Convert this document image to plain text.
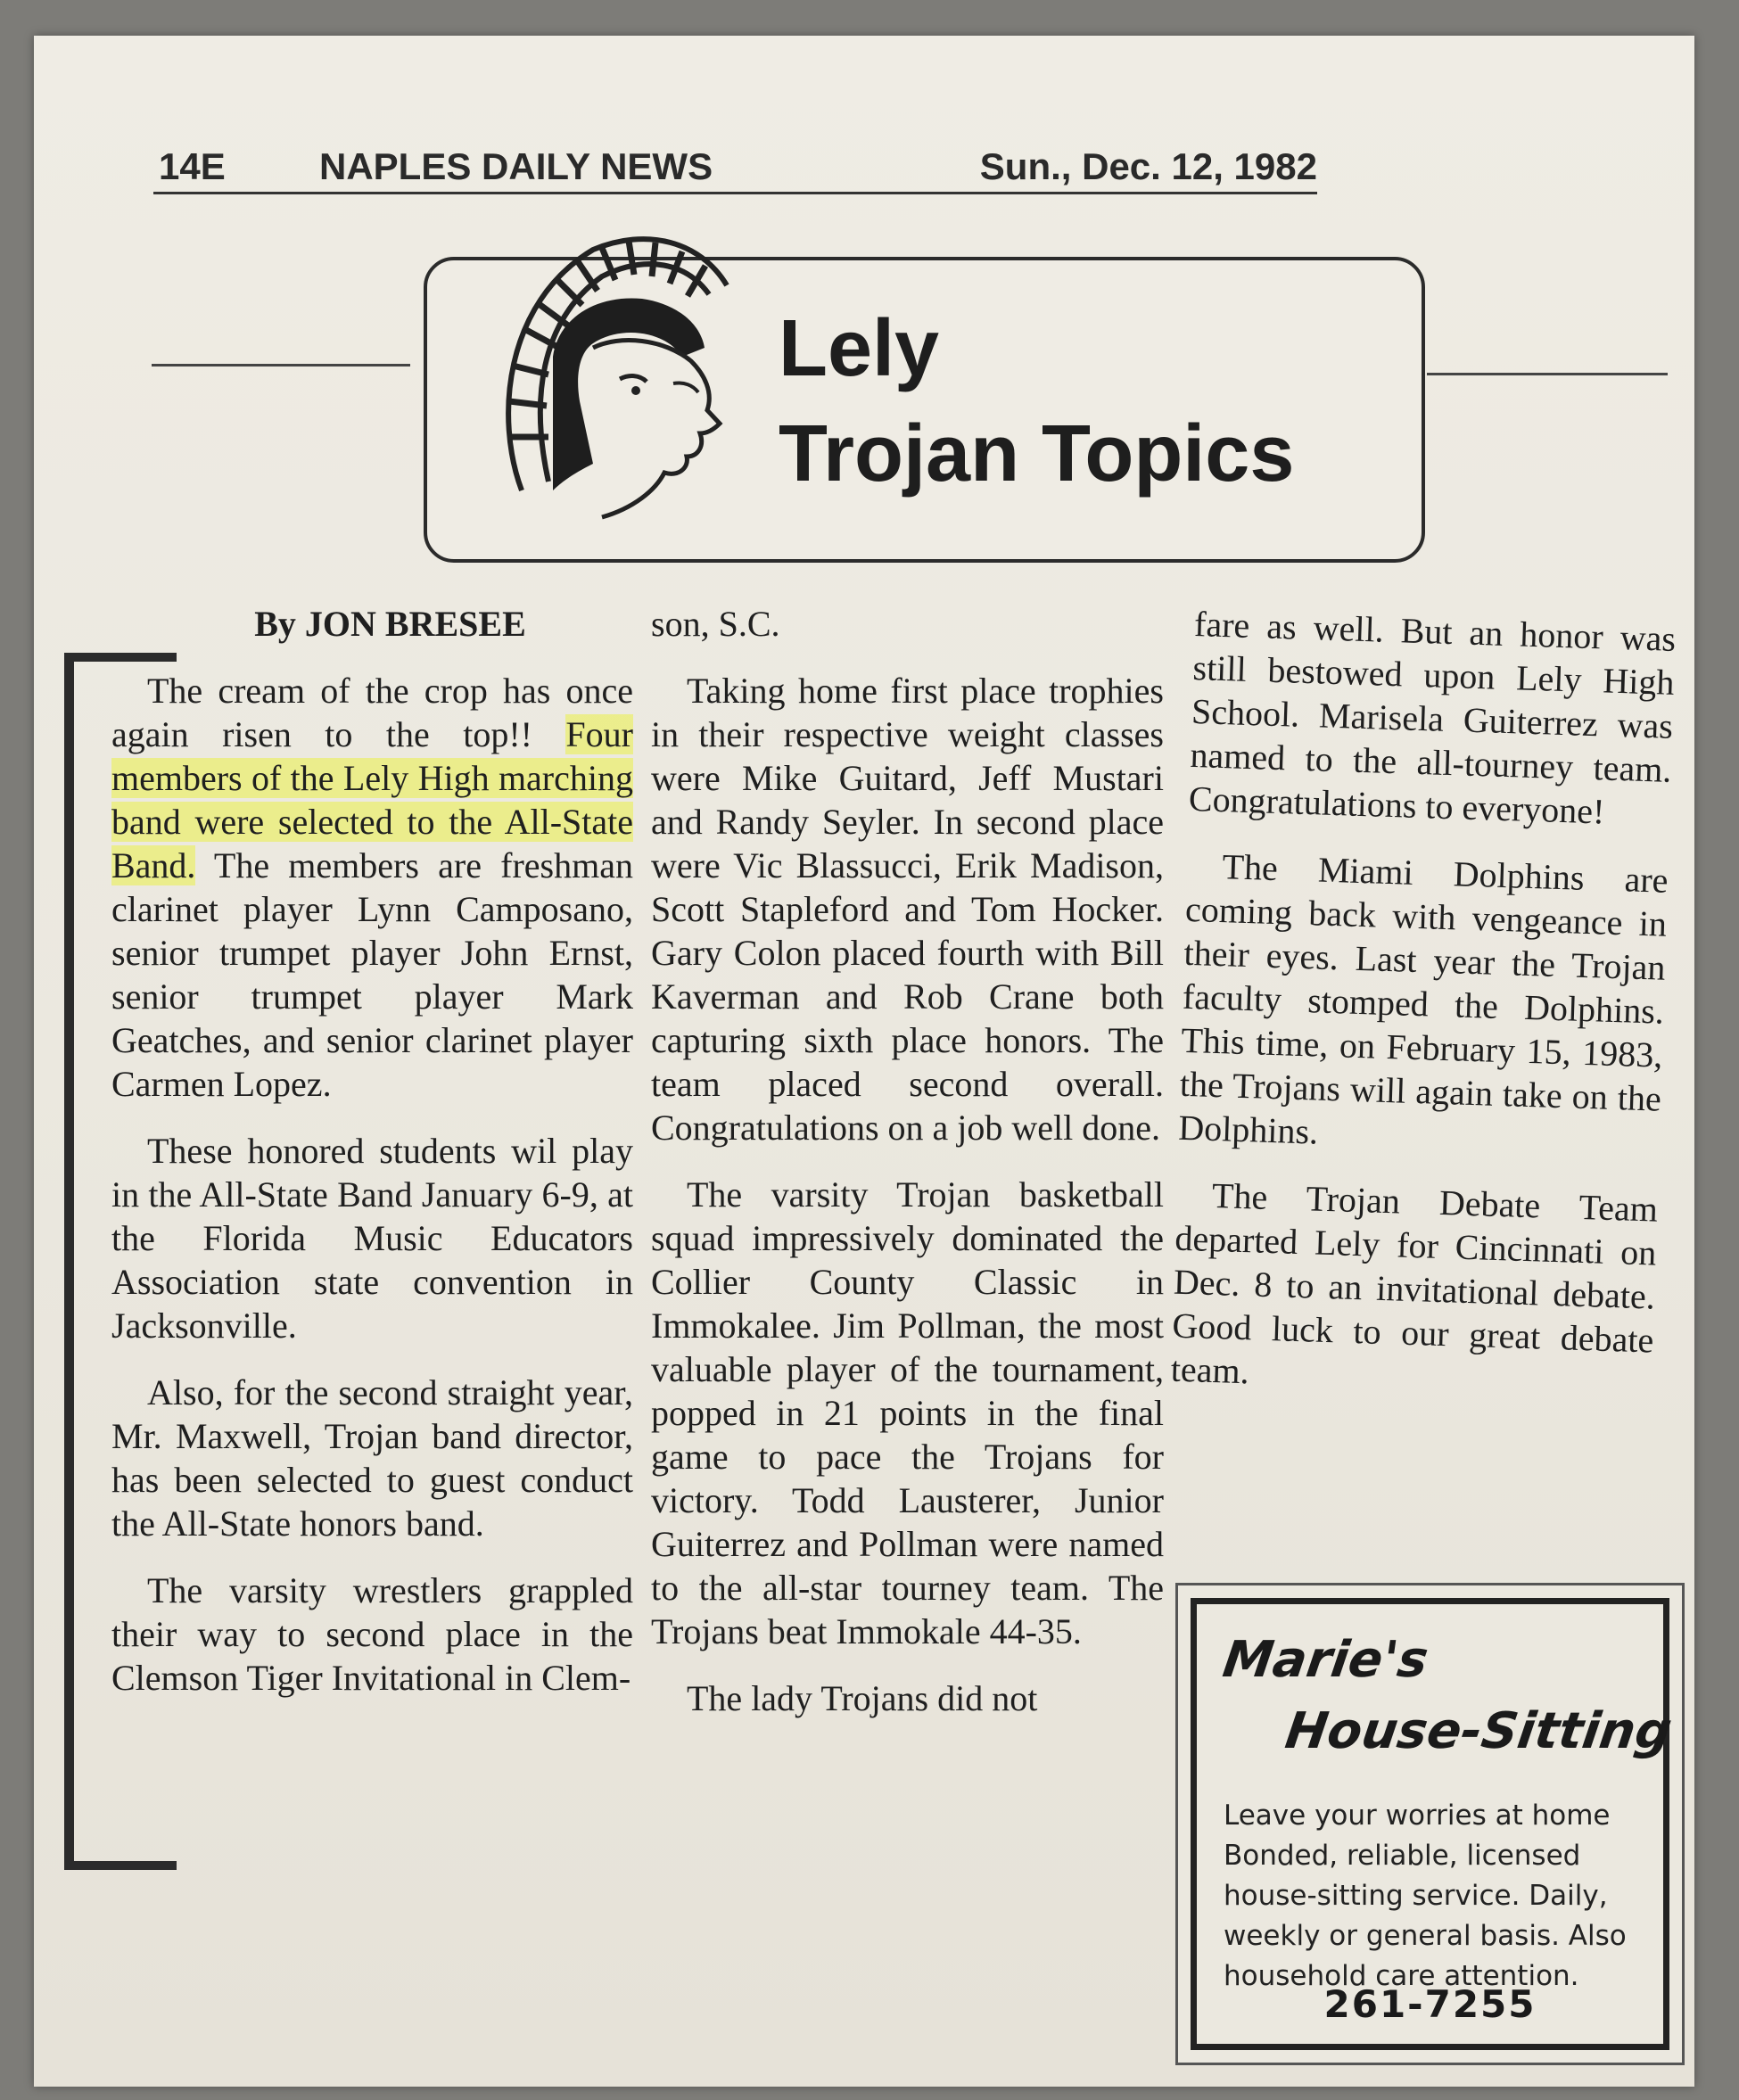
14E	NAPLES DAILY NEWS	Sun., Dec. 12, 1982
Lely
Trojan Topics

By JON BRESEE

The cream of the crop has once again risen to the top!! Four members of the Lely High marching band were selected to the All-State Band. The members are freshman clarinet player Lynn Camposano, senior trumpet player John Ernst, senior trumpet player Mark Geatches, and senior clarinet player Carmen Lopez.

These honored students wil play in the All-State Band January 6-9, at the Florida Music Educators Association state convention in Jacksonville.

Also, for the second straight year, Mr. Maxwell, Trojan band director, has been selected to guest conduct the All-State honors band.

The varsity wrestlers grappled their way to second place in the Clemson Tiger Invitational in Clem-

son, S.C.

Taking home first place trophies in their respective weight classes were Mike Guitard, Jeff Mustari and Randy Seyler. In second place were Vic Blassucci, Erik Madison, Scott Stapleford and Tom Hocker. Gary Colon placed fourth with Bill Kaverman and Rob Crane both capturing sixth place honors. The team placed second overall. Congratulations on a job well done.

The varsity Trojan basketball squad impressively dominated the Collier County Classic in Immokalee. Jim Pollman, the most valuable player of the tournament, popped in 21 points in the final game to pace the Trojans for victory. Todd Lausterer, Junior Guiterrez and Pollman were named to the all-star tourney team. The Trojans beat Immokale 44-35.

The lady Trojans did not

fare as well. But an honor was still bestowed upon Lely High School. Marisela Guiterrez was named to the all-tourney team. Congratulations to everyone!

The Miami Dolphins are coming back with vengeance in their eyes. Last year the Trojan faculty stomped the Dolphins. This time, on February 15, 1983, the Trojans will again take on the Dolphins.

The Trojan Debate Team departed Lely for Cincinnati on Dec. 8 to an invitational debate. Good luck to our great debate team.

Marie's
House-Sitting
Leave your worries at home Bonded, reliable, licensed house-sitting service. Daily, weekly or general basis. Also household care attention.
261-7255
